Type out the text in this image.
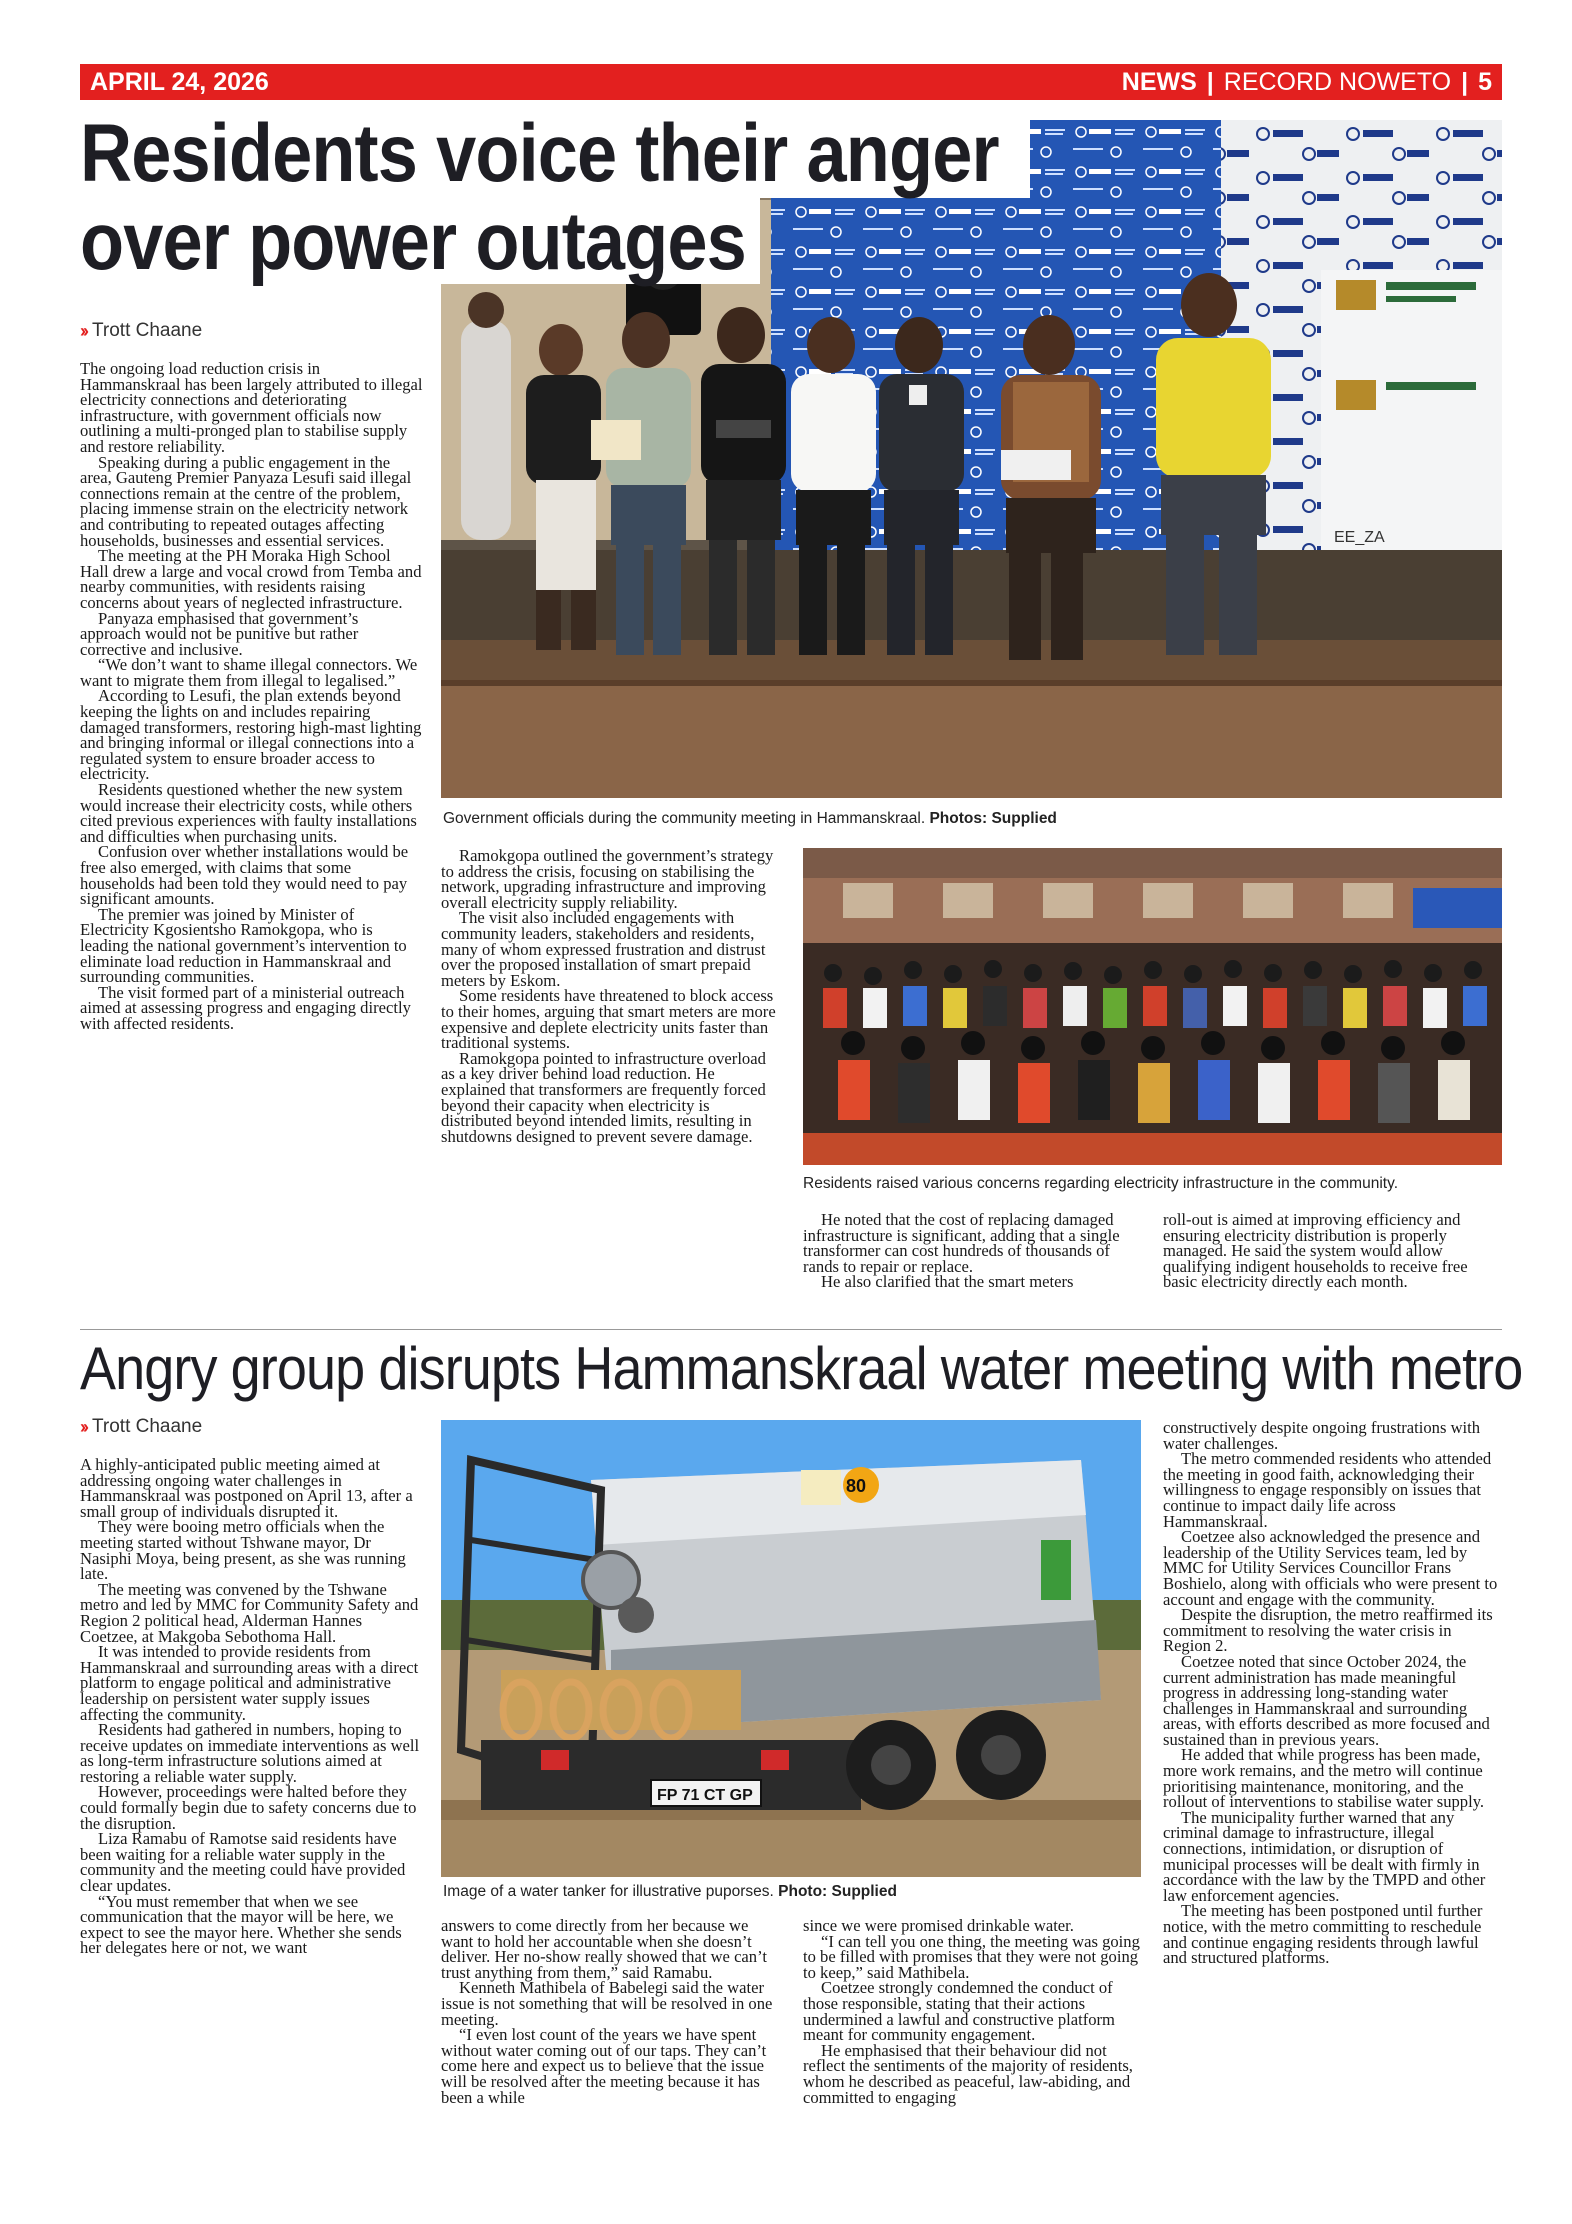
APRIL 24, 2026	NEWS | RECORD NOWETO | 5
EE_ZA
Residents voice their anger
over power outages
›› Trott Chaane
Government officials during the community meeting in Hammanskraal. Photos: Supplied

The ongoing load reduction crisis in Hammanskraal has been largely attributed to illegal electricity connections and deteriorating infrastructure, with government officials now outlining a multi-pronged plan to stabilise supply and restore reliability.

Speaking during a public engagement in the area, Gauteng Premier Panyaza Lesufi said illegal connections remain at the centre of the problem, placing immense strain on the electricity network and contributing to repeated outages affecting households, businesses and essential services.

The meeting at the PH Moraka High School Hall drew a large and vocal crowd from Temba and nearby communities, with residents raising concerns about years of neglected infrastructure.

Panyaza emphasised that government’s approach would not be punitive but rather corrective and inclusive.

“We don’t want to shame illegal connectors. We want to migrate them from illegal to legalised.”

According to Lesufi, the plan extends beyond keeping the lights on and includes repairing damaged transformers, restoring high-mast lighting and bringing informal or illegal connections into a regulated system to ensure broader access to electricity.

Residents questioned whether the new system would increase their electricity costs, while others cited previous experiences with faulty installations and difficulties when purchasing units.

Confusion over whether installations would be free also emerged, with claims that some households had been told they would need to pay significant amounts.

The premier was joined by Minister of Electricity Kgosientsho Ramokgopa, who is leading the national government’s intervention to eliminate load reduction in Hammanskraal and surrounding communities.

The visit formed part of a ministerial outreach aimed at assessing progress and engaging directly with affected residents.

Ramokgopa outlined the government’s strategy to address the crisis, focusing on stabilising the network, upgrading infrastructure and improving overall electricity supply reliability.

The visit also included engagements with community leaders, stakeholders and residents, many of whom expressed frustration and distrust over the proposed installation of smart prepaid meters by Eskom.

Some residents have threatened to block access to their homes, arguing that smart meters are more expensive and deplete electricity units faster than traditional systems.

Ramokgopa pointed to infrastructure overload as a key driver behind load reduction. He explained that transformers are frequently forced beyond their capacity when electricity is distributed beyond intended limits, resulting in shutdowns designed to prevent severe damage.

Residents raised various concerns regarding electricity infrastructure in the community.

He noted that the cost of replacing damaged infrastructure is significant, adding that a single transformer can cost hundreds of thousands of rands to repair or replace.

He also clarified that the smart meters

roll-out is aimed at improving efficiency and ensuring electricity distribution is properly managed. He said the system would allow qualifying indigent households to receive free basic electricity directly each month.

Angry group disrupts Hammanskraal water meeting with metro
›› Trott Chaane
80
FP 71 CT GP
Image of a water tanker for illustrative puporses. Photo: Supplied

A highly-anticipated public meeting aimed at addressing ongoing water challenges in Hammanskraal was postponed on April 13, after a small group of individuals disrupted it.

They were booing metro officials when the meeting started without Tshwane mayor, Dr Nasiphi Moya, being present, as she was running late.

The meeting was convened by the Tshwane metro and led by MMC for Community Safety and Region 2 political head, Alderman Hannes Coetzee, at Makgoba Sebothoma Hall.

It was intended to provide residents from Hammanskraal and surrounding areas with a direct platform to engage political and administrative leadership on persistent water supply issues affecting the community.

Residents had gathered in numbers, hoping to receive updates on immediate interventions as well as long-term infrastructure solutions aimed at restoring a reliable water supply.

However, proceedings were halted before they could formally begin due to safety concerns due to the disruption.

Liza Ramabu of Ramotse said residents have been waiting for a reliable water supply in the community and the meeting could have provided clear updates.

“You must remember that when we see communication that the mayor will be here, we expect to see the mayor here. Whether she sends her delegates here or not, we want

answers to come directly from her because we want to hold her accountable when she doesn’t deliver. Her no-show really showed that we can’t trust anything from them,” said Ramabu.

Kenneth Mathibela of Babelegi said the water issue is not something that will be resolved in one meeting.

“I even lost count of the years we have spent without water coming out of our taps. They can’t come here and expect us to believe that the issue will be resolved after the meeting because it has been a while

since we were promised drinkable water.

“I can tell you one thing, the meeting was going to be filled with promises that they were not going to keep,” said Mathibela.

Coetzee strongly condemned the conduct of those responsible, stating that their actions undermined a lawful and constructive platform meant for community engagement.

He emphasised that their behaviour did not reflect the sentiments of the majority of residents, whom he described as peaceful, law-abiding, and committed to engaging

constructively despite ongoing frustrations with water challenges.

The metro commended residents who attended the meeting in good faith, acknowledging their willingness to engage responsibly on issues that continue to impact daily life across Hammanskraal.

Coetzee also acknowledged the presence and leadership of the Utility Services team, led by MMC for Utility Services Councillor Frans Boshielo, along with officials who were present to account and engage with the community.

Despite the disruption, the metro reaffirmed its commitment to resolving the water crisis in Region 2.

Coetzee noted that since October 2024, the current administration has made meaningful progress in addressing long-standing water challenges in Hammanskraal and surrounding areas, with efforts described as more focused and sustained than in previous years.

He added that while progress has been made, more work remains, and the metro will continue prioritising maintenance, monitoring, and the rollout of interventions to stabilise water supply.

The municipality further warned that any criminal damage to infrastructure, illegal connections, intimidation, or disruption of municipal processes will be dealt with firmly in accordance with the law by the TMPD and other law enforcement agencies.

The meeting has been postponed until further notice, with the metro committing to reschedule and continue engaging residents through lawful and structured platforms.
